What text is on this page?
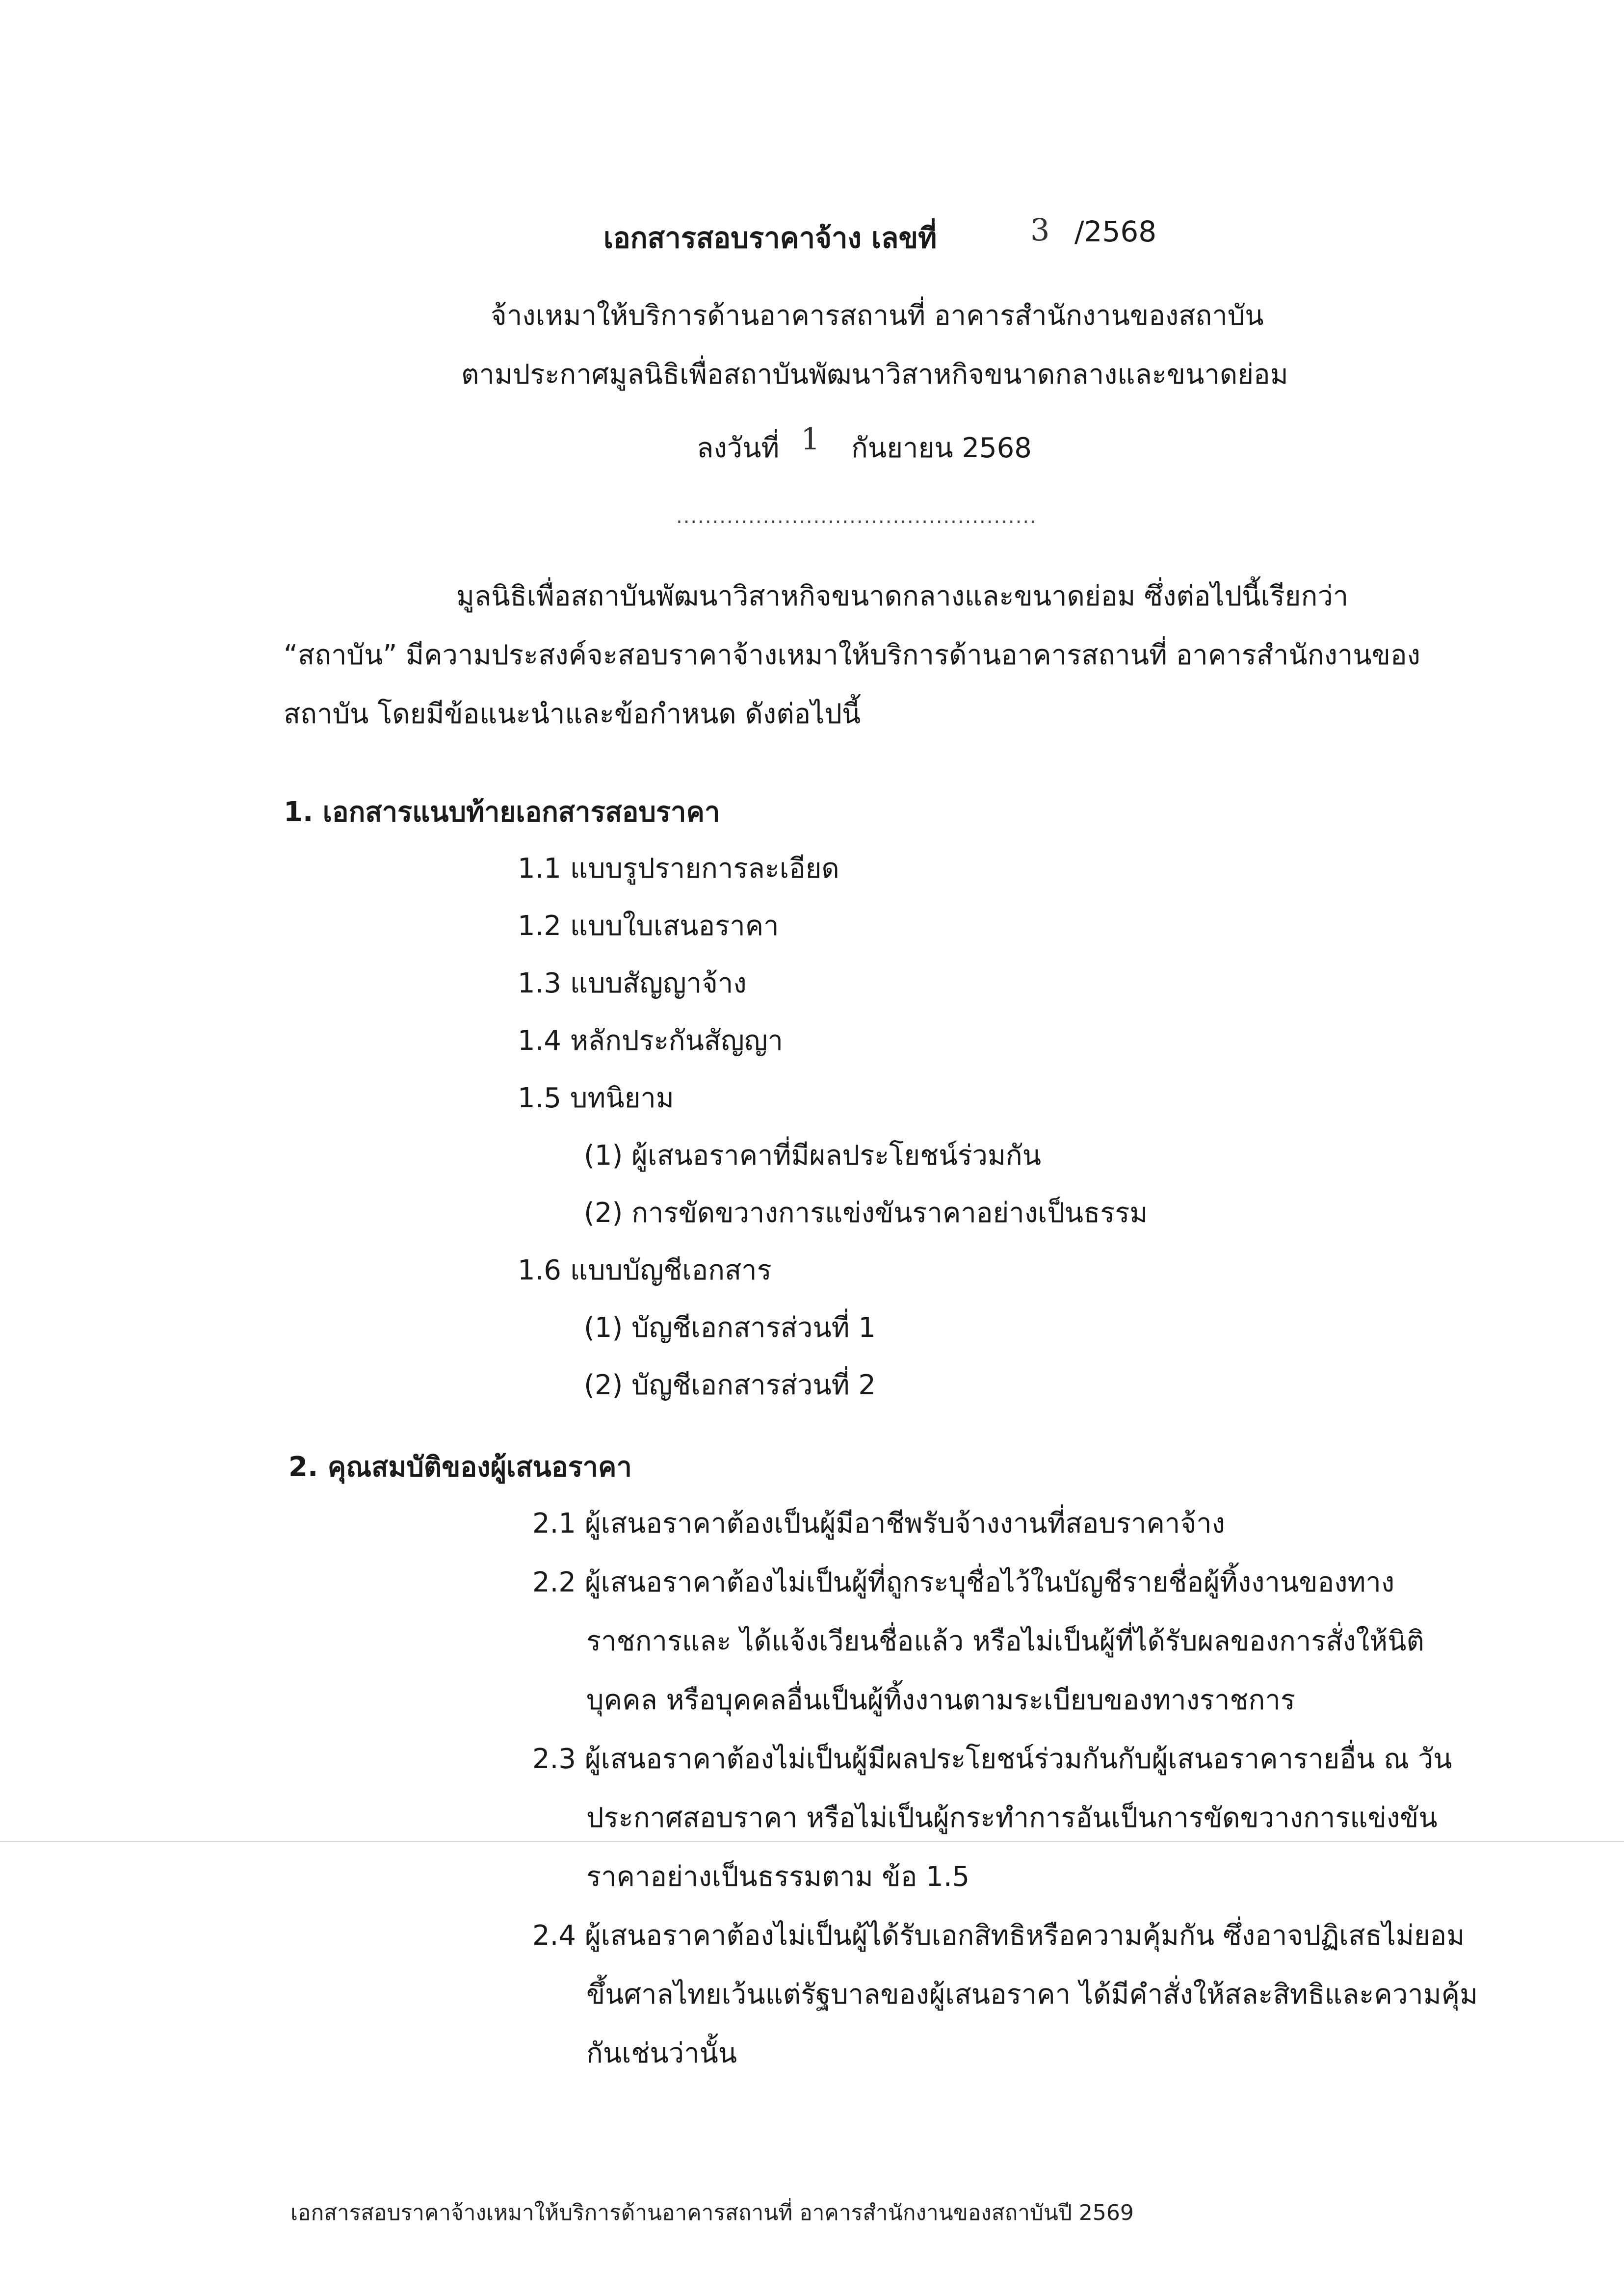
เอกสารสอบราคาจ้าง เลขที่	3 /2568
จ้างเหมาให้บริการด้านอาคารสถานที่ อาคารสำนักงานของสถาบัน
ตามประกาศมูลนิธิเพื่อสถาบันพัฒนาวิสาหกิจขนาดกลางและขนาดย่อม
ลงวันที่ 1 กันยายน 2568
..................................................
มูลนิธิเพื่อสถาบันพัฒนาวิสาหกิจขนาดกลางและขนาดย่อม ซึ่งต่อไปนี้เรียกว่า
“สถาบัน” มีความประสงค์จะสอบราคาจ้างเหมาให้บริการด้านอาคารสถานที่ อาคารสำนักงานของ
สถาบัน โดยมีข้อแนะนำและข้อกำหนด ดังต่อไปนี้
1. เอกสารแนบท้ายเอกสารสอบราคา
1.1 แบบรูปรายการละเอียด
1.2 แบบใบเสนอราคา
1.3 แบบสัญญาจ้าง
1.4 หลักประกันสัญญา
1.5 บทนิยาม
(1) ผู้เสนอราคาที่มีผลประโยชน์ร่วมกัน
(2) การขัดขวางการแข่งขันราคาอย่างเป็นธรรม
1.6 แบบบัญชีเอกสาร
(1) บัญชีเอกสารส่วนที่ 1
(2) บัญชีเอกสารส่วนที่ 2
2. คุณสมบัติของผู้เสนอราคา
2.1 ผู้เสนอราคาต้องเป็นผู้มีอาชีพรับจ้างงานที่สอบราคาจ้าง
2.2 ผู้เสนอราคาต้องไม่เป็นผู้ที่ถูกระบุชื่อไว้ในบัญชีรายชื่อผู้ทิ้งงานของทาง
ราชการและ ได้แจ้งเวียนชื่อแล้ว หรือไม่เป็นผู้ที่ได้รับผลของการสั่งให้นิติ
บุคคล หรือบุคคลอื่นเป็นผู้ทิ้งงานตามระเบียบของทางราชการ
2.3 ผู้เสนอราคาต้องไม่เป็นผู้มีผลประโยชน์ร่วมกันกับผู้เสนอราคารายอื่น ณ วัน
ประกาศสอบราคา หรือไม่เป็นผู้กระทำการอันเป็นการขัดขวางการแข่งขัน
ราคาอย่างเป็นธรรมตาม ข้อ 1.5
2.4 ผู้เสนอราคาต้องไม่เป็นผู้ได้รับเอกสิทธิหรือความคุ้มกัน ซึ่งอาจปฏิเสธไม่ยอม
ขึ้นศาลไทยเว้นแต่รัฐบาลของผู้เสนอราคา ได้มีคำสั่งให้สละสิทธิและความคุ้ม
กันเช่นว่านั้น
เอกสารสอบราคาจ้างเหมาให้บริการด้านอาคารสถานที่ อาคารสำนักงานของสถาบันปี 2569
